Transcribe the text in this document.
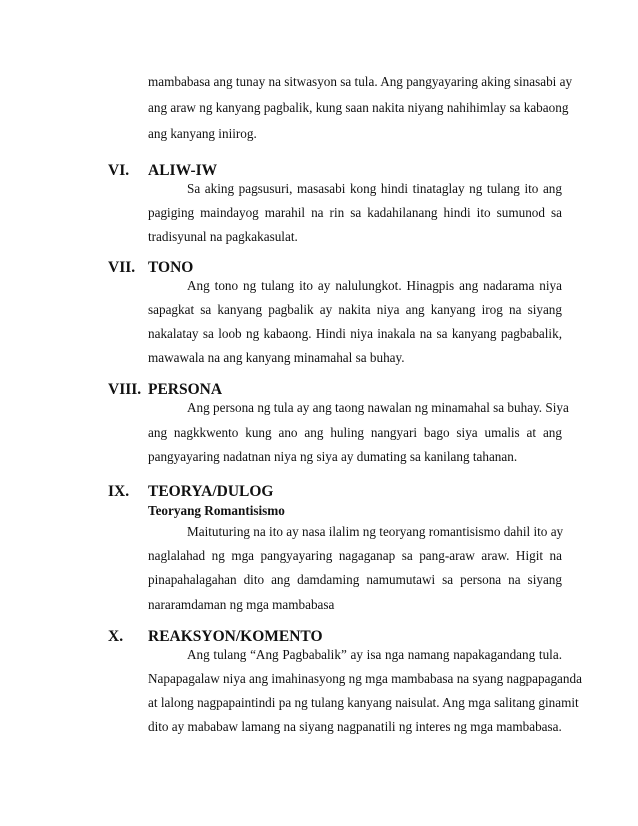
mambabasa ang tunay na sitwasyon sa tula. Ang pangyayaring aking sinasabi ay
ang araw ng kanyang pagbalik, kung saan nakita niyang nahihimlay sa kabaong
ang kanyang iniirog.
VI. ALIW-IW
Sa aking pagsusuri, masasabi kong hindi tinataglay ng tulang ito ang
pagiging maindayog marahil na rin sa kadahilanang hindi ito sumunod sa
tradisyunal na pagkakasulat.
VII. TONO
Ang tono ng tulang ito ay nalulungkot. Hinagpis ang nadarama niya
sapagkat sa kanyang pagbalik ay nakita niya ang kanyang irog na siyang
nakalatay sa loob ng kabaong. Hindi niya inakala na sa kanyang pagbabalik,
mawawala na ang kanyang minamahal sa buhay.
VIII. PERSONA
Ang persona ng tula ay ang taong nawalan ng minamahal sa buhay. Siya
ang nagkkwento kung ano ang huling nangyari bago siya umalis at ang
pangyayaring nadatnan niya ng siya ay dumating sa kanilang tahanan.
IX. TEORYA/DULOG
Teoryang Romantisismo
Maituturing na ito ay nasa ilalim ng teoryang romantisismo dahil ito ay
naglalahad ng mga pangyayaring nagaganap sa pang-araw araw. Higit na
pinapahalagahan dito ang damdaming namumutawi sa persona na siyang
nararamdaman ng mga mambabasa
X. REAKSYON/KOMENTO
Ang tulang “Ang Pagbabalik” ay isa nga namang napakagandang tula.
Napapagalaw niya ang imahinasyong ng mga mambabasa na syang nagpapaganda
at lalong nagpapaintindi pa ng tulang kanyang naisulat. Ang mga salitang ginamit
dito ay mababaw lamang na siyang nagpanatili ng interes ng mga mambabasa.
